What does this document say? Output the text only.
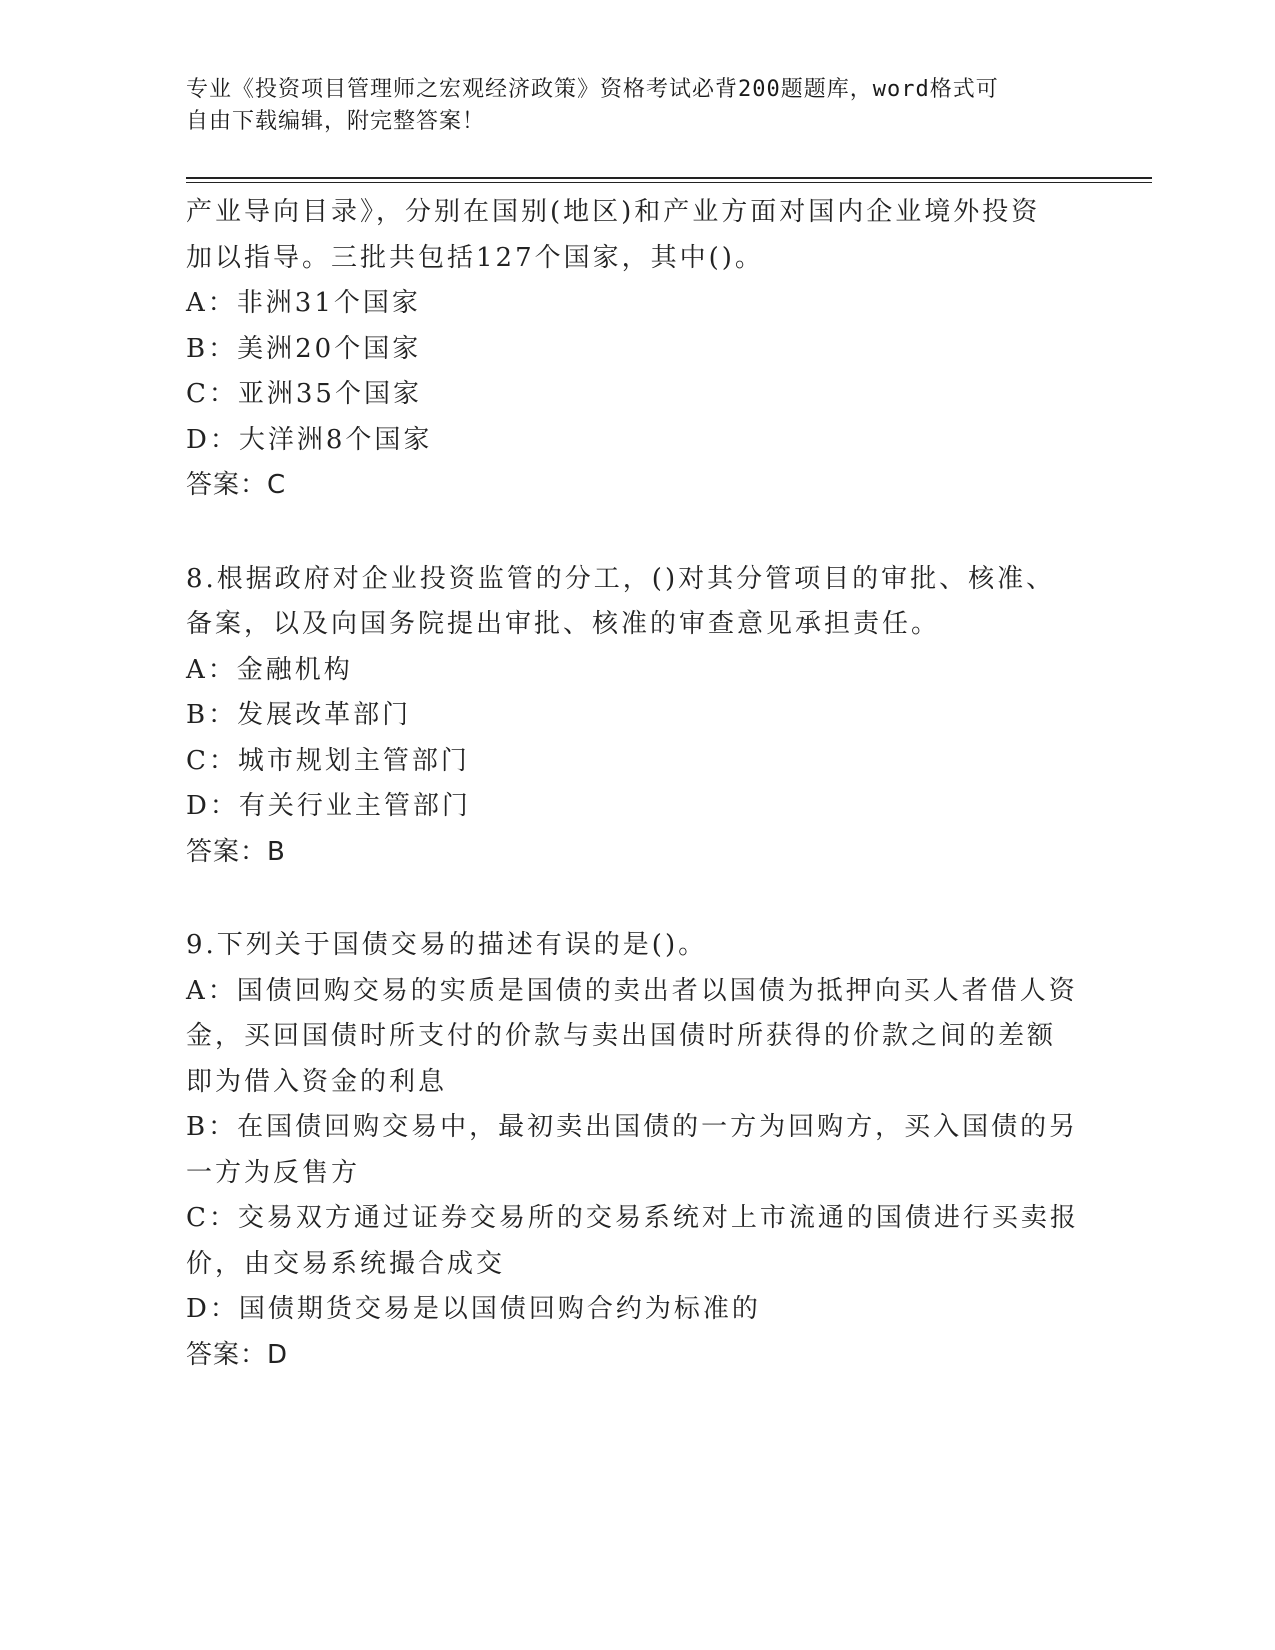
专业《投资项目管理师之宏观经济政策》资格考试必背200题题库，word格式可
自由下载编辑，附完整答案！
产业导向目录》，分别在国别(地区)和产业方面对国内企业境外投资
加以指导。三批共包括127个国家，其中()。
A：非洲31个国家
B：美洲20个国家
C：亚洲35个国家
D：大洋洲8个国家
答案：C
8.根据政府对企业投资监管的分工，()对其分管项目的审批、核准、
备案，以及向国务院提出审批、核准的审查意见承担责任。
A：金融机构
B：发展改革部门
C：城市规划主管部门
D：有关行业主管部门
答案：B
9.下列关于国债交易的描述有误的是()。
A：国债回购交易的实质是国债的卖出者以国债为抵押向买人者借人资
金，买回国债时所支付的价款与卖出国债时所获得的价款之间的差额
即为借入资金的利息
B：在国债回购交易中，最初卖出国债的一方为回购方，买入国债的另
一方为反售方
C：交易双方通过证券交易所的交易系统对上市流通的国债进行买卖报
价，由交易系统撮合成交
D：国债期货交易是以国债回购合约为标准的
答案：D
